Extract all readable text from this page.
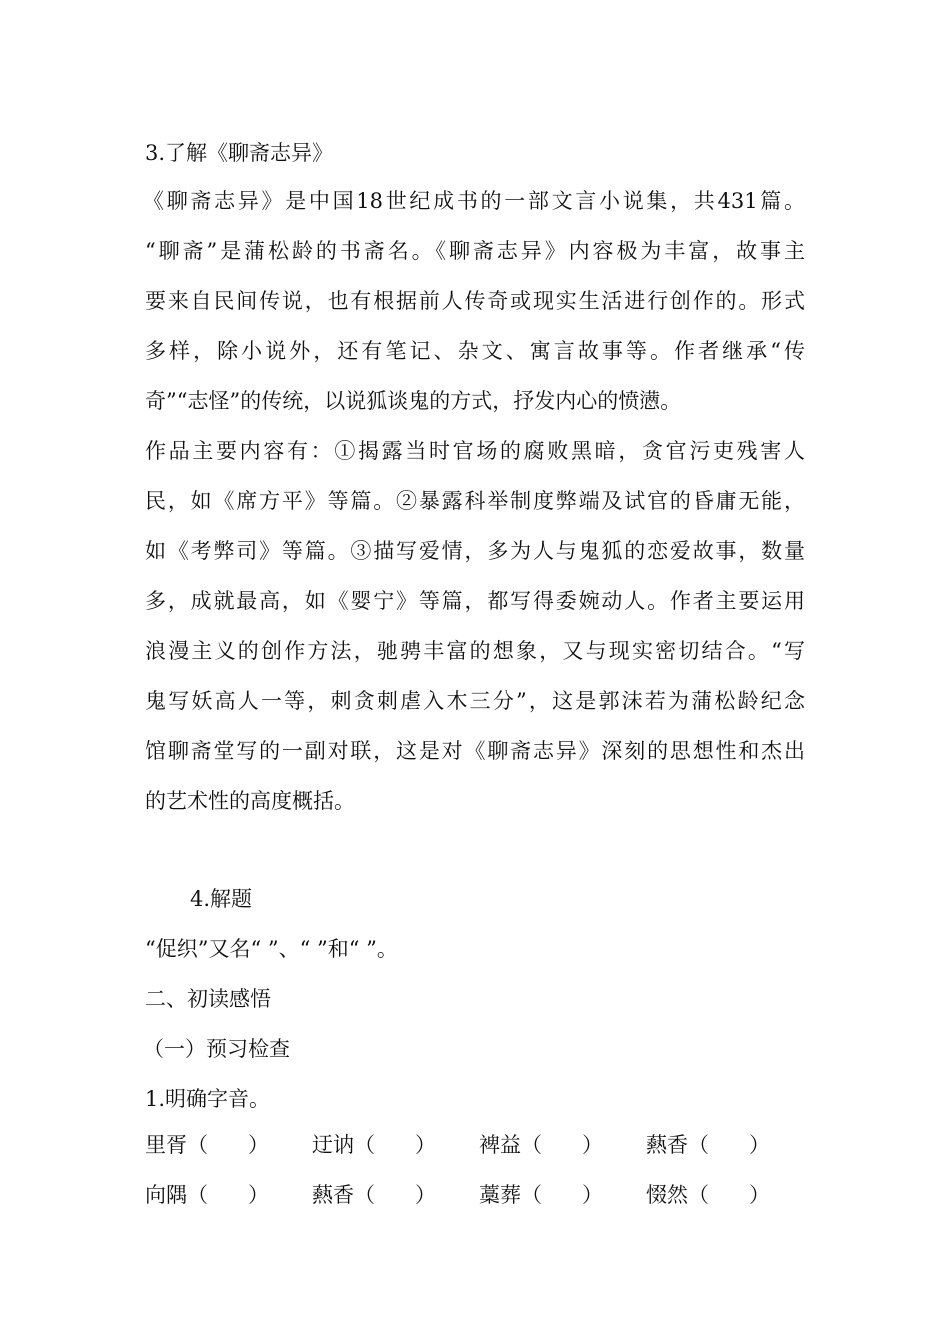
3.了解《聊斋志异》
《聊斋志异》是中国18世纪成书的一部文言小说集，共431篇。
“聊斋”是蒲松龄的书斋名。《聊斋志异》内容极为丰富，故事主
要来自民间传说，也有根据前人传奇或现实生活进行创作的。形式
多样，除小说外，还有笔记、杂文、寓言故事等。作者继承“传
奇”“志怪”的传统，以说狐谈鬼的方式，抒发内心的愤懑。
作品主要内容有：①揭露当时官场的腐败黑暗，贪官污吏残害人
民，如《席方平》等篇。②暴露科举制度弊端及试官的昏庸无能，
如《考弊司》等篇。③描写爱情，多为人与鬼狐的恋爱故事，数量
多，成就最高，如《婴宁》等篇，都写得委婉动人。作者主要运用
浪漫主义的创作方法，驰骋丰富的想象，又与现实密切结合。“写
鬼写妖高人一等，刺贪刺虐入木三分”，这是郭沫若为蒲松龄纪念
馆聊斋堂写的一副对联，这是对《聊斋志异》深刻的思想性和杰出
的艺术性的高度概括。
4.解题
“促织”又名“ ”、“ ”和“ ”。
二、初读感悟
（一）预习检查
1.明确字音。
里胥（      ） 迂讷（      ） 裨益（      ） 爇香（      ）
向隅（      ） 爇香（      ） 藁葬（      ） 惙然（      ）
